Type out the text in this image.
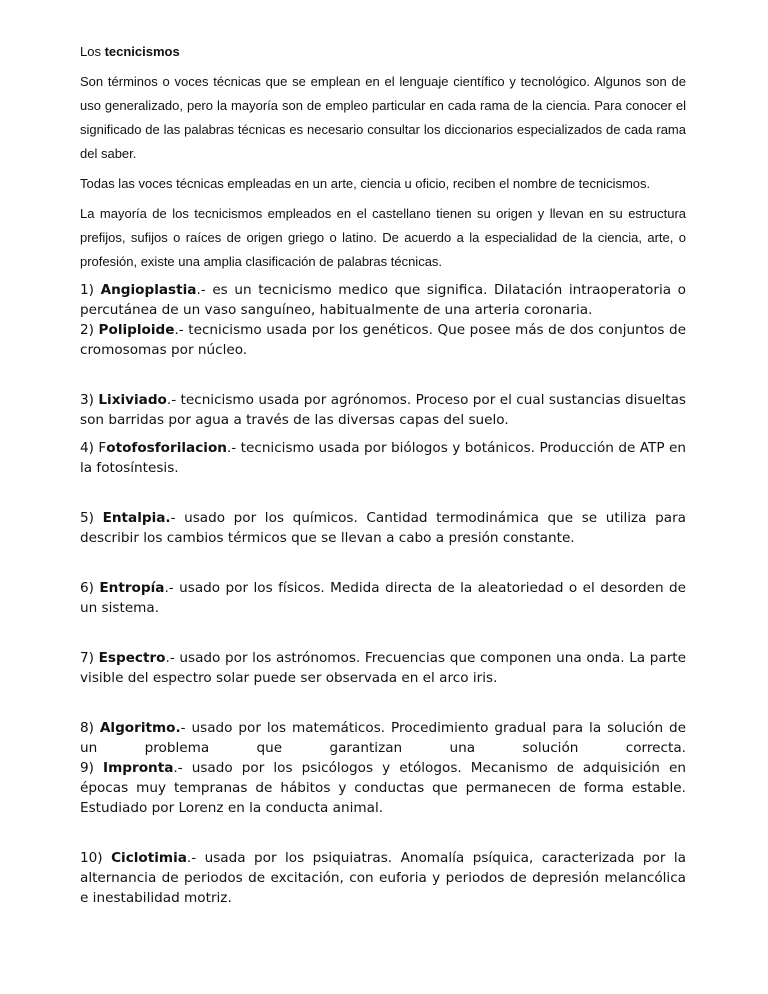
Los tecnicismos

Son términos o voces técnicas que se emplean en el lenguaje científico y tecnológico. Algunos son de uso generalizado, pero la mayoría son de empleo particular en cada rama de la ciencia. Para conocer el significado de las palabras técnicas es necesario consultar los diccionarios especializados de cada rama del saber.

Todas las voces técnicas empleadas en un arte, ciencia u oficio, reciben el nombre de tecnicismos.

La mayoría de los tecnicismos empleados en el castellano tienen su origen y llevan en su estructura prefijos, sufijos o raíces de origen griego o latino. De acuerdo a la especialidad de la ciencia, arte, o profesión, existe una amplia clasificación de palabras técnicas.

1) Angioplastia.- es un tecnicismo medico que significa. Dilatación intraoperatoria o percutánea de un vaso sanguíneo, habitualmente de una arteria coronaria.

2) Poliploide.- tecnicismo usada por los genéticos. Que posee más de dos conjuntos de cromosomas por núcleo.

3) Lixiviado.- tecnicismo usada por agrónomos. Proceso por el cual sustancias disueltas son barridas por agua a través de las diversas capas del suelo.

4) Fotofosforilacion.- tecnicismo usada por biólogos y botánicos. Producción de ATP en la fotosíntesis.

5) Entalpia.- usado por los químicos. Cantidad termodinámica que se utiliza para describir los cambios térmicos que se llevan a cabo a presión constante.

6) Entropía.- usado por los físicos. Medida directa de la aleatoriedad o el desorden de un sistema.

7) Espectro.- usado por los astrónomos. Frecuencias que componen una onda. La parte visible del espectro solar puede ser observada en el arco iris.

8) Algoritmo.- usado por los matemáticos. Procedimiento gradual para la solución de un problema que garantizan una solución correcta.

9) Impronta.- usado por los psicólogos y etólogos. Mecanismo de adquisición en épocas muy tempranas de hábitos y conductas que permanecen de forma estable. Estudiado por Lorenz en la conducta animal.

10) Ciclotimia.- usada por los psiquiatras. Anomalía psíquica, caracterizada por la alternancia de periodos de excitación, con euforia y periodos de depresión melancólica e inestabilidad motriz.
